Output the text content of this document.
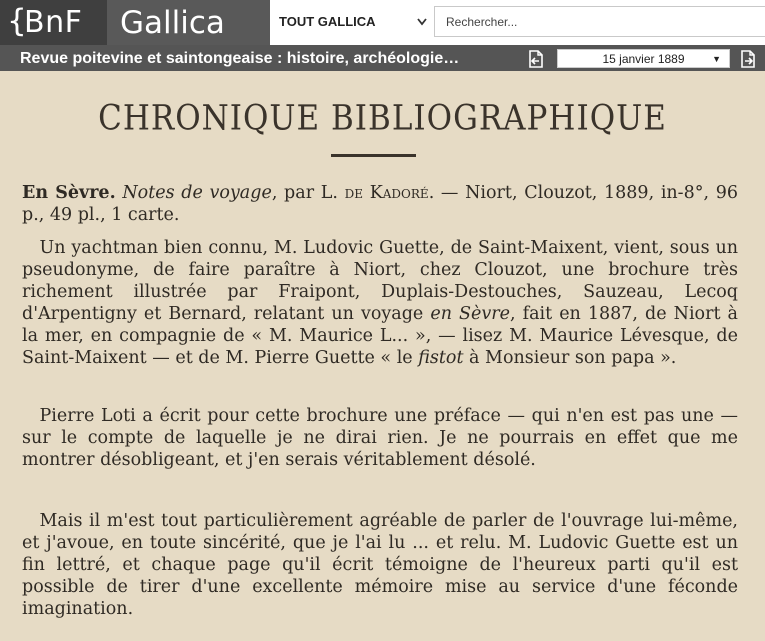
{
BnF	Gallica	TOUT GALLICA
Rechercher...
Revue poitevine et saintongeaise : histoire, archéologie…	15 janvier 1889	▼
CHRONIQUE BIBLIOGRAPHIQUE
En Sèvre. Notes de voyage, par L. de Kadoré. — Niort, Clouzot, 1889, in-8°, 96 p., 49 pl., 1 carte.
 Un yachtman bien connu, M. Ludovic Guette, de Saint-Maixent, vient, sous un pseudonyme, de faire paraître à Niort, chez Clouzot, une brochure très richement illustrée par Fraipont, Duplais-Destouches, Sauzeau, Lecoq d'Arpentigny et Bernard, relatant un voyage en Sèvre, fait en 1887, de Niort à la mer, en compagnie de « M. Maurice L... », — lisez M. Maurice Lévesque, de Saint-Maixent — et de M. Pierre Guette « le fistot à Monsieur son papa ».
 Pierre Loti a écrit pour cette brochure une préface — qui n'en est pas une — sur le compte de laquelle je ne dirai rien. Je ne pourrais en effet que me montrer désobligeant, et j'en serais véritablement désolé.
 Mais il m'est tout particulièrement agréable de parler de l'ouvrage lui-même, et j'avoue, en toute sincérité, que je l'ai lu ... et relu. M. Ludovic Guette est un fin lettré, et chaque page qu'il écrit témoigne de l'heureux parti qu'il est possible de tirer d'une excellente mémoire mise au service d'une féconde imagination.
